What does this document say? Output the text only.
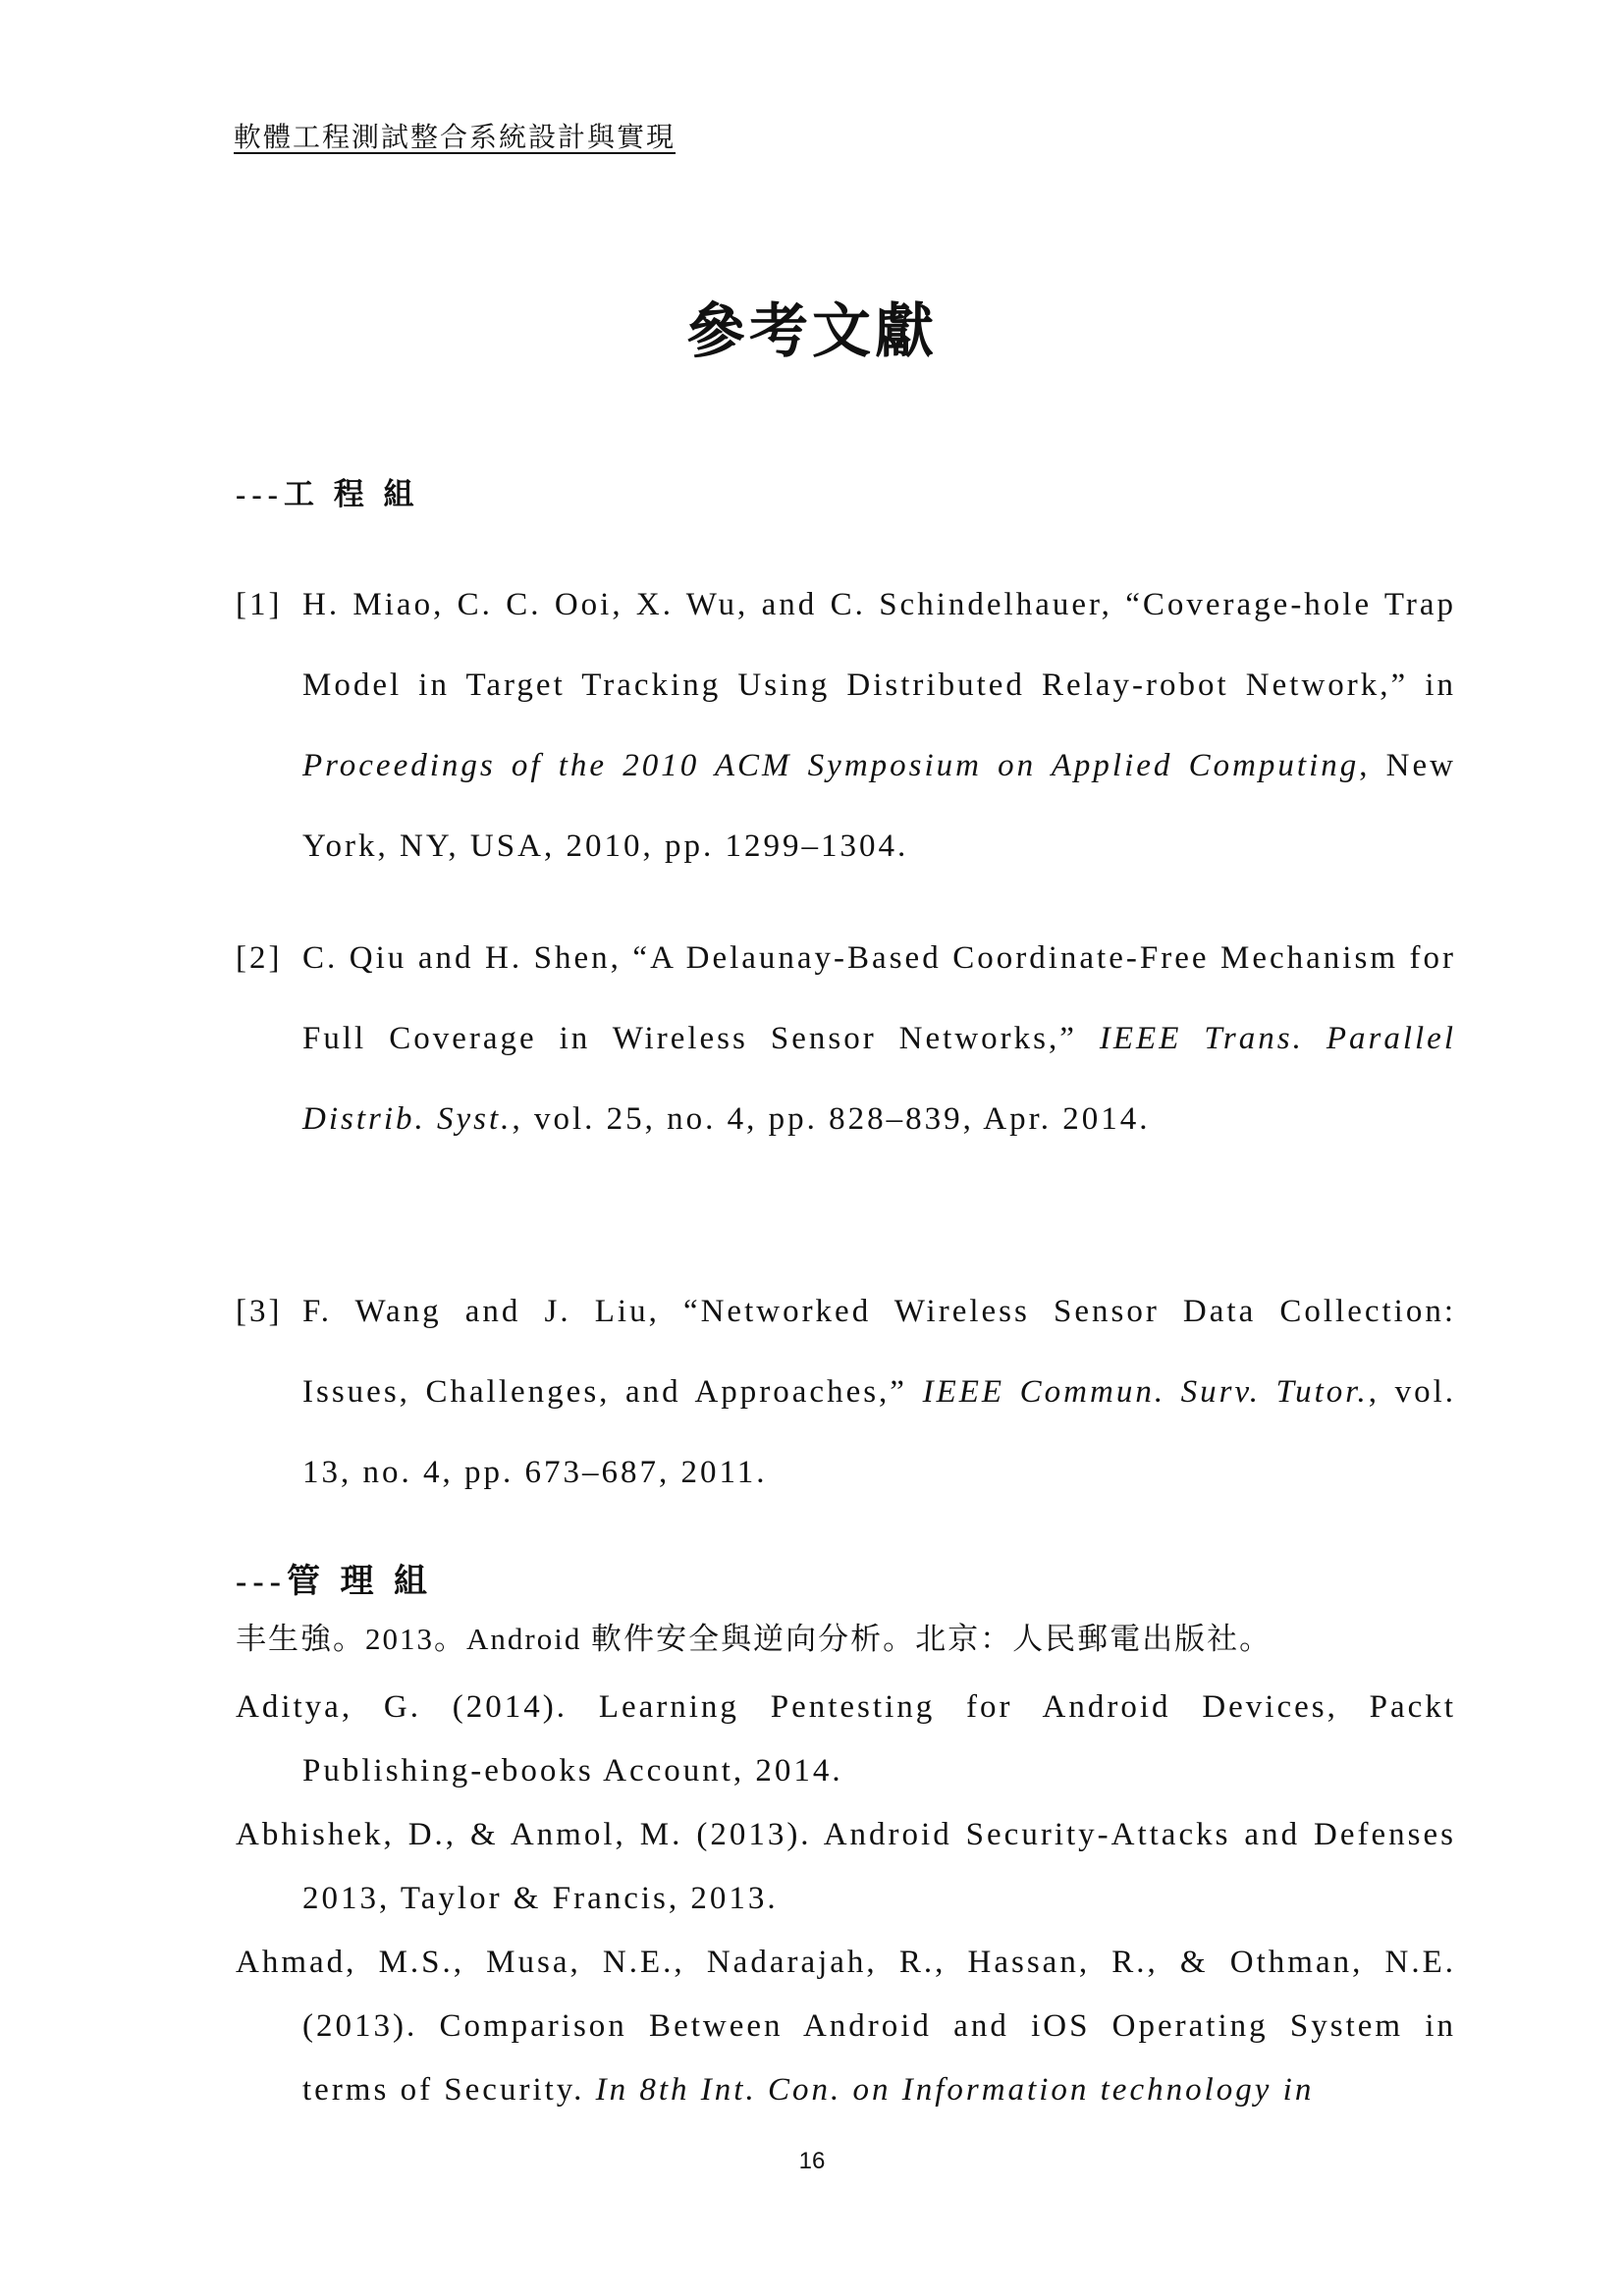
軟體工程測試整合系統設計與實現
參考文獻
---工 程 組
[1] H. Miao, C. C. Ooi, X. Wu, and C. Schindelhauer, “Coverage-hole Trap Model in Target Tracking Using Distributed Relay-robot Network,” in Proceedings of the 2010 ACM Symposium on Applied Computing, New York, NY, USA, 2010, pp. 1299–1304.
[2] C. Qiu and H. Shen, “A Delaunay-Based Coordinate-Free Mechanism for Full Coverage in Wireless Sensor Networks,” IEEE Trans. Parallel Distrib. Syst., vol. 25, no. 4, pp. 828–839, Apr. 2014.
[3] F. Wang and J. Liu, “Networked Wireless Sensor Data Collection: Issues, Challenges, and Approaches,” IEEE Commun. Surv. Tutor., vol. 13, no. 4, pp. 673–687, 2011.
---管 理 組
丰生強。2013。Android 軟件安全與逆向分析。北京：人民郵電出版社。
Aditya, G. (2014). Learning Pentesting for Android Devices, Packt Publishing-ebooks Account, 2014.
Abhishek, D., & Anmol, M. (2013). Android Security-Attacks and Defenses 2013, Taylor & Francis, 2013.
Ahmad, M.S., Musa, N.E., Nadarajah, R., Hassan, R., & Othman, N.E. (2013). Comparison Between Android and iOS Operating System in terms of Security. In 8th Int. Con. on Information technology in
16
